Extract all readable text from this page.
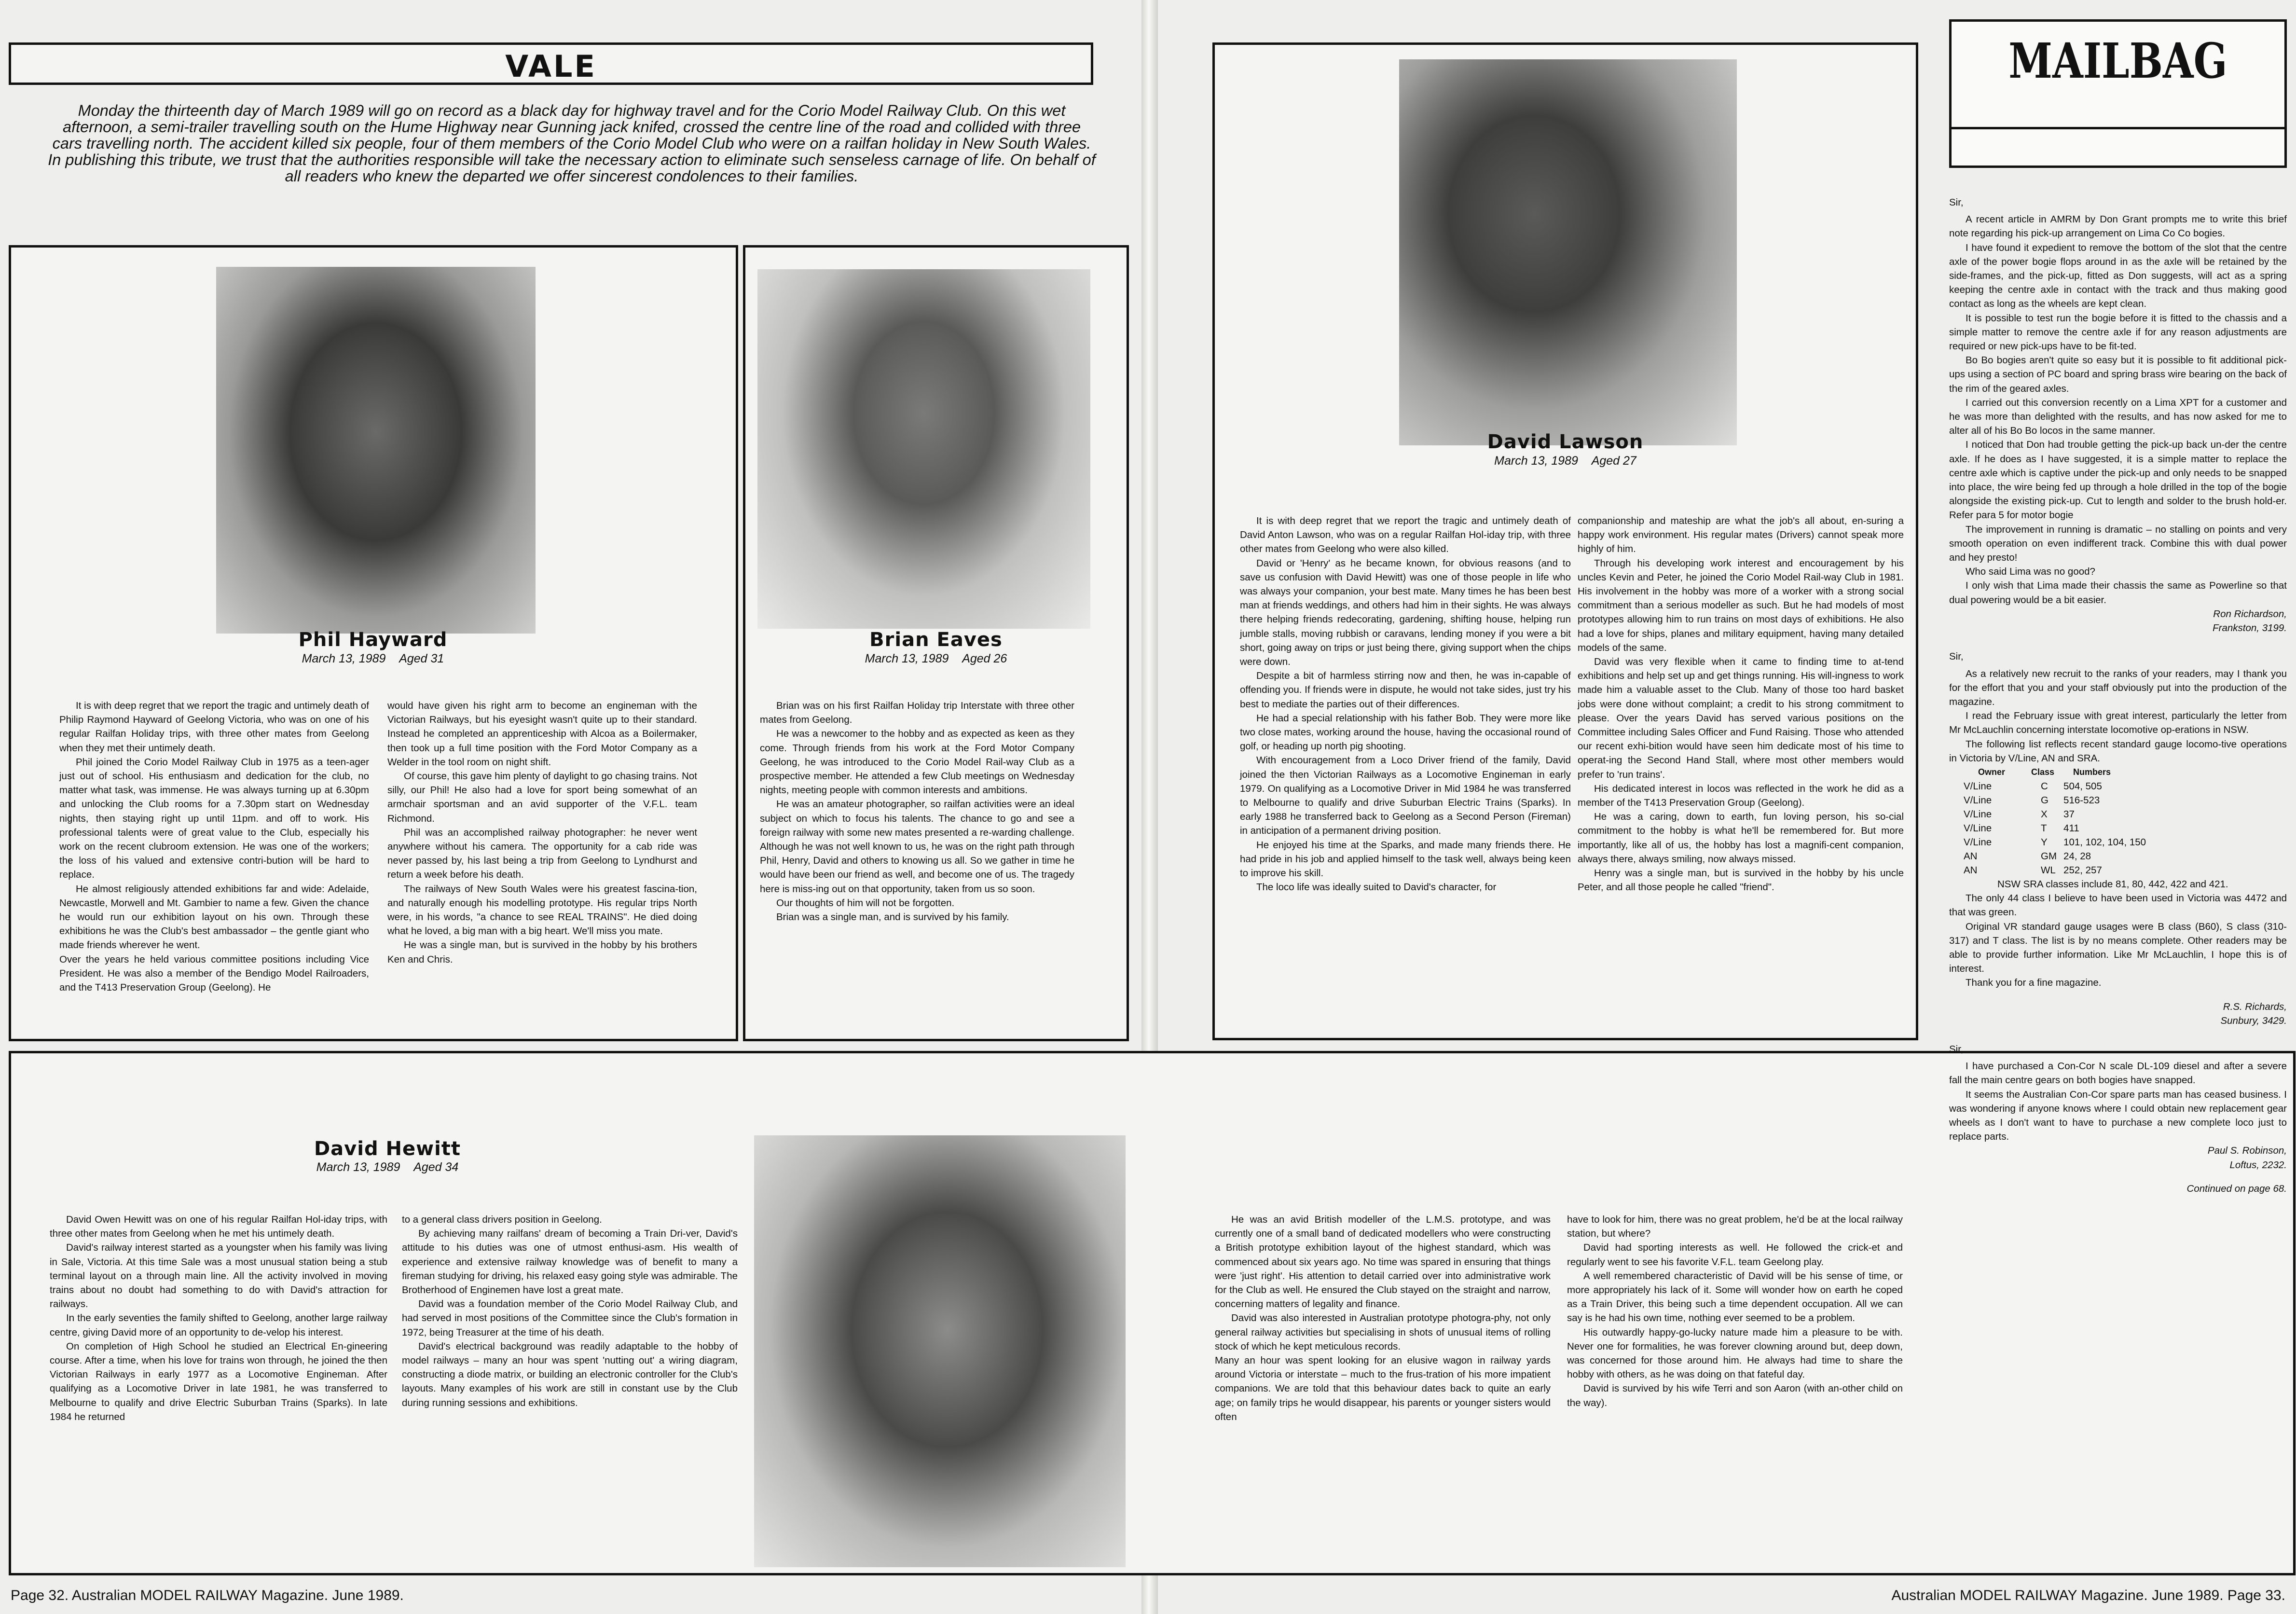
VALE
Monday the thirteenth day of March 1989 will go on record as a black day for highway travel and for the Corio Model Railway Club. On this wet afternoon, a semi-trailer travelling south on the Hume Highway near Gunning jack knifed, crossed the centre line of the road and collided with three cars travelling north. The accident killed six people, four of them members of the Corio Model Club who were on a railfan holiday in New South Wales. In publishing this tribute, we trust that the authorities responsible will take the necessary action to eliminate such senseless carnage of life. On behalf of all readers who knew the departed we offer sincerest condolences to their families.
Phil Hayward
March 13, 1989 Aged 31

It is with deep regret that we report the tragic and untimely death of Philip Raymond Hayward of Geelong Victoria, who was on one of his regular Railfan Holiday trips, with three other mates from Geelong when they met their untimely death.

Phil joined the Corio Model Railway Club in 1975 as a teen-ager just out of school. His enthusiasm and dedication for the club, no matter what task, was immense. He was always turning up at 6.30pm and unlocking the Club rooms for a 7.30pm start on Wednesday nights, then staying right up until 11pm. and off to work. His professional talents were of great value to the Club, especially his work on the recent clubroom extension. He was one of the workers; the loss of his valued and extensive contri-bution will be hard to replace.

He almost religiously attended exhibitions far and wide: Adelaide, Newcastle, Morwell and Mt. Gambier to name a few. Given the chance he would run our exhibition layout on his own. Through these exhibitions he was the Club's best ambassador – the gentle giant who made friends wherever he went.

Over the years he held various committee positions including Vice President. He was also a member of the Bendigo Model Railroaders, and the T413 Preservation Group (Geelong). He

would have given his right arm to become an engineman with the Victorian Railways, but his eyesight wasn't quite up to their standard. Instead he completed an apprenticeship with Alcoa as a Boilermaker, then took up a full time position with the Ford Motor Company as a Welder in the tool room on night shift.

Of course, this gave him plenty of daylight to go chasing trains. Not silly, our Phil! He also had a love for sport being somewhat of an armchair sportsman and an avid supporter of the V.F.L. team Richmond.

Phil was an accomplished railway photographer: he never went anywhere without his camera. The opportunity for a cab ride was never passed by, his last being a trip from Geelong to Lyndhurst and return a week before his death.

The railways of New South Wales were his greatest fascina-tion, and naturally enough his modelling prototype. His regular trips North were, in his words, "a chance to see REAL TRAINS". He died doing what he loved, a big man with a big heart. We'll miss you mate.

He was a single man, but is survived in the hobby by his brothers Ken and Chris.

Brian Eaves
March 13, 1989 Aged 26

Brian was on his first Railfan Holiday trip Interstate with three other mates from Geelong.

He was a newcomer to the hobby and as expected as keen as they come. Through friends from his work at the Ford Motor Company Geelong, he was introduced to the Corio Model Rail-way Club as a prospective member. He attended a few Club meetings on Wednesday nights, meeting people with common interests and ambitions.

He was an amateur photographer, so railfan activities were an ideal subject on which to focus his talents. The chance to go and see a foreign railway with some new mates presented a re-warding challenge. Although he was not well known to us, he was on the right path through Phil, Henry, David and others to knowing us all. So we gather in time he would have been our friend as well, and become one of us. The tragedy here is miss-ing out on that opportunity, taken from us so soon.

Our thoughts of him will not be forgotten.

Brian was a single man, and is survived by his family.

David Hewitt
March 13, 1989 Aged 34

David Owen Hewitt was on one of his regular Railfan Hol-iday trips, with three other mates from Geelong when he met his untimely death.

David's railway interest started as a youngster when his family was living in Sale, Victoria. At this time Sale was a most unusual station being a stub terminal layout on a through main line. All the activity involved in moving trains about no doubt had something to do with David's attraction for railways.

In the early seventies the family shifted to Geelong, another large railway centre, giving David more of an opportunity to de-velop his interest.

On completion of High School he studied an Electrical En-gineering course. After a time, when his love for trains won through, he joined the then Victorian Railways in early 1977 as a Locomotive Engineman. After qualifying as a Locomotive Driver in late 1981, he was transferred to Melbourne to qualify and drive Electric Suburban Trains (Sparks). In late 1984 he returned

to a general class drivers position in Geelong.

By achieving many railfans' dream of becoming a Train Dri-ver, David's attitude to his duties was one of utmost enthusi-asm. His wealth of experience and extensive railway knowledge was of benefit to many a fireman studying for driving, his relaxed easy going style was admirable. The Brotherhood of Enginemen have lost a great mate.

David was a foundation member of the Corio Model Railway Club, and had served in most positions of the Committee since the Club's formation in 1972, being Treasurer at the time of his death.

David's electrical background was readily adaptable to the hobby of model railways – many an hour was spent 'nutting out' a wiring diagram, constructing a diode matrix, or building an electronic controller for the Club's layouts. Many examples of his work are still in constant use by the Club during running sessions and exhibitions.

He was an avid British modeller of the L.M.S. prototype, and was currently one of a small band of dedicated modellers who were constructing a British prototype exhibition layout of the highest standard, which was commenced about six years ago. No time was spared in ensuring that things were 'just right'. His attention to detail carried over into administrative work for the Club as well. He ensured the Club stayed on the straight and narrow, concerning matters of legality and finance.

David was also interested in Australian prototype photogra-phy, not only general railway activities but specialising in shots of unusual items of rolling stock of which he kept meticulous records.

Many an hour was spent looking for an elusive wagon in railway yards around Victoria or interstate – much to the frus-tration of his more impatient companions. We are told that this behaviour dates back to quite an early age; on family trips he would disappear, his parents or younger sisters would often

have to look for him, there was no great problem, he'd be at the local railway station, but where?

David had sporting interests as well. He followed the crick-et and regularly went to see his favorite V.F.L. team Geelong play.

A well remembered characteristic of David will be his sense of time, or more appropriately his lack of it. Some will wonder how on earth he coped as a Train Driver, this being such a time dependent occupation. All we can say is he had his own time, nothing ever seemed to be a problem.

His outwardly happy-go-lucky nature made him a pleasure to be with. Never one for formalities, he was forever clowning around but, deep down, was concerned for those around him. He always had time to share the hobby with others, as he was doing on that fateful day.

David is survived by his wife Terri and son Aaron (with an-other child on the way).

Page 32. Australian MODEL RAILWAY Magazine. June 1989.
David Lawson
March 13, 1989 Aged 27

It is with deep regret that we report the tragic and untimely death of David Anton Lawson, who was on a regular Railfan Hol-iday trip, with three other mates from Geelong who were also killed.

David or 'Henry' as he became known, for obvious reasons (and to save us confusion with David Hewitt) was one of those people in life who was always your companion, your best mate. Many times he has been best man at friends weddings, and others had him in their sights. He was always there helping friends redecorating, gardening, shifting house, helping run jumble stalls, moving rubbish or caravans, lending money if you were a bit short, going away on trips or just being there, giving support when the chips were down.

Despite a bit of harmless stirring now and then, he was in-capable of offending you. If friends were in dispute, he would not take sides, just try his best to mediate the parties out of their differences.

He had a special relationship with his father Bob. They were more like two close mates, working around the house, having the occasional round of golf, or heading up north pig shooting.

With encouragement from a Loco Driver friend of the family, David joined the then Victorian Railways as a Locomotive Engineman in early 1979. On qualifying as a Locomotive Driver in Mid 1984 he was transferred to Melbourne to qualify and drive Suburban Electric Trains (Sparks). In early 1988 he transferred back to Geelong as a Second Person (Fireman) in anticipation of a permanent driving position.

He enjoyed his time at the Sparks, and made many friends there. He had pride in his job and applied himself to the task well, always being keen to improve his skill.

The loco life was ideally suited to David's character, for

companionship and mateship are what the job's all about, en-suring a happy work environment. His regular mates (Drivers) cannot speak more highly of him.

Through his developing work interest and encouragement by his uncles Kevin and Peter, he joined the Corio Model Rail-way Club in 1981. His involvement in the hobby was more of a worker with a strong social commitment than a serious modeller as such. But he had models of most prototypes allowing him to run trains on most days of exhibitions. He also had a love for ships, planes and military equipment, having many detailed models of the same.

David was very flexible when it came to finding time to at-tend exhibitions and help set up and get things running. His will-ingness to work made him a valuable asset to the Club. Many of those too hard basket jobs were done without complaint; a credit to his strong commitment to please. Over the years David has served various positions on the Committee including Sales Officer and Fund Raising. Those who attended our recent exhi-bition would have seen him dedicate most of his time to operat-ing the Second Hand Stall, where most other members would prefer to 'run trains'.

His dedicated interest in locos was reflected in the work he did as a member of the T413 Preservation Group (Geelong).

He was a caring, down to earth, fun loving person, his so-cial commitment to the hobby is what he'll be remembered for. But more importantly, like all of us, the hobby has lost a magnifi-cent companion, always there, always smiling, now always missed.

Henry was a single man, but is survived in the hobby by his uncle Peter, and all those people he called "friend".

MAILBAG

Sir,

A recent article in AMRM by Don Grant prompts me to write this brief note regarding his pick-up arrangement on Lima Co Co bogies.

I have found it expedient to remove the bottom of the slot that the centre axle of the power bogie flops around in as the axle will be retained by the side-frames, and the pick-up, fitted as Don suggests, will act as a spring keeping the centre axle in contact with the track and thus making good contact as long as the wheels are kept clean.

It is possible to test run the bogie before it is fitted to the chassis and a simple matter to remove the centre axle if for any reason adjustments are required or new pick-ups have to be fit-ted.

Bo Bo bogies aren't quite so easy but it is possible to fit additional pick-ups using a section of PC board and spring brass wire bearing on the back of the rim of the geared axles.

I carried out this conversion recently on a Lima XPT for a customer and he was more than delighted with the results, and has now asked for me to alter all of his Bo Bo locos in the same manner.

I noticed that Don had trouble getting the pick-up back un-der the centre axle. If he does as I have suggested, it is a simple matter to replace the centre axle which is captive under the pick-up and only needs to be snapped into place, the wire being fed up through a hole drilled in the top of the bogie alongside the existing pick-up. Cut to length and solder to the brush hold-er. Refer para 5 for motor bogie

The improvement in running is dramatic – no stalling on points and very smooth operation on even indifferent track. Combine this with dual power and hey presto!

Who said Lima was no good?

I only wish that Lima made their chassis the same as Powerline so that dual powering would be a bit easier.

Ron Richardson,

Frankston, 3199.

Sir,

As a relatively new recruit to the ranks of your readers, may I thank you for the effort that you and your staff obviously put into the production of the magazine.

I read the February issue with great interest, particularly the letter from Mr McLauchlin concerning interstate locomotive op-erations in NSW.

The following list reflects recent standard gauge locomo-tive operations in Victoria by V/Line, AN and SRA.

Owner	Class	Numbers
V/Line	C	504, 505
V/Line	G	516-523
V/Line	X	37
V/Line	T	411
V/Line	Y	101, 102, 104, 150
AN	GM	24, 28
AN	WL	252, 257

NSW SRA classes include 81, 80, 442, 422 and 421.

The only 44 class I believe to have been used in Victoria was 4472 and that was green.

Original VR standard gauge usages were B class (B60), S class (310-317) and T class. The list is by no means complete. Other readers may be able to provide further information. Like Mr McLauchlin, I hope this is of interest.

Thank you for a fine magazine.

R.S. Richards,

Sunbury, 3429.

Sir,

I have purchased a Con-Cor N scale DL-109 diesel and after a severe fall the main centre gears on both bogies have snapped.

It seems the Australian Con-Cor spare parts man has ceased business. I was wondering if anyone knows where I could obtain new replacement gear wheels as I don't want to have to purchase a new complete loco just to replace parts.

Paul S. Robinson,

Loftus, 2232.

Continued on page 68.

Australian MODEL RAILWAY Magazine. June 1989. Page 33.
